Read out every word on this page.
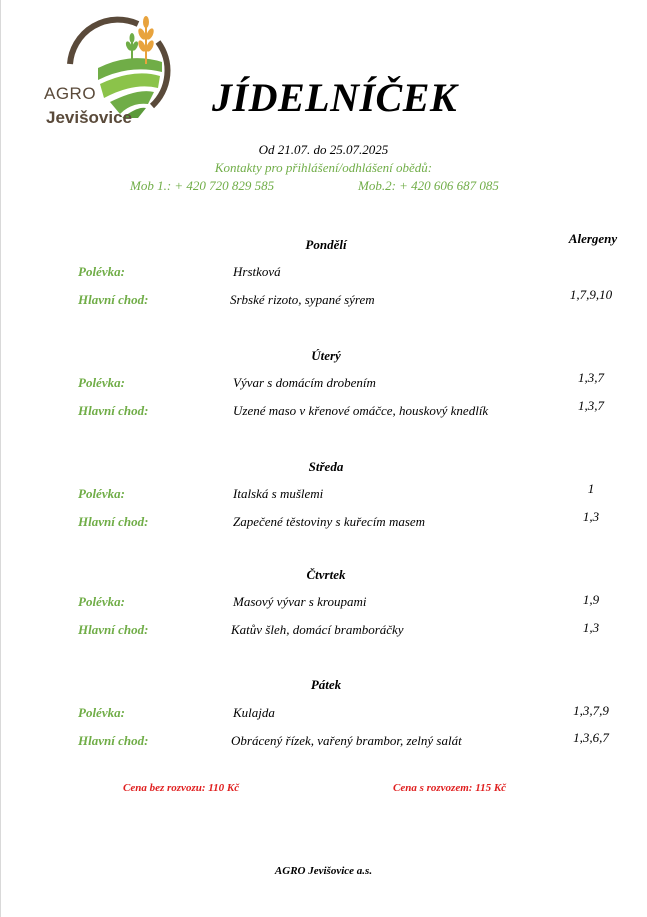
AGRO
Jevišovice JÍDELNÍČEK
Od 21.07. do 25.07.2025
Kontakty pro přihlášení/odhlášení obědů:
Mob 1.: + 420 720 829 585	Mob.2: + 420 606 687 085
Alergeny
Pondělí
Polévka:	Hrstková
Hlavní chod:	Srbské rizoto, sypané sýrem	1,7,9,10
Úterý
Polévka:	Vývar s domácím drobením	1,3,7
Hlavní chod:	Uzené maso v křenové omáčce, houskový knedlík	1,3,7
Středa
Polévka:	Italská s mušlemi	1
Hlavní chod:	Zapečené těstoviny s kuřecím masem	1,3
Čtvrtek
Polévka:	Masový vývar s kroupami	1,9
Hlavní chod:	Katův šleh, domácí bramboráčky	1,3
Pátek
Polévka:	Kulajda	1,3,7,9
Hlavní chod:	Obrácený řízek, vařený brambor, zelný salát	1,3,6,7
Cena bez rozvozu: 110 Kč	Cena s rozvozem: 115 Kč
AGRO Jevišovice a.s.
